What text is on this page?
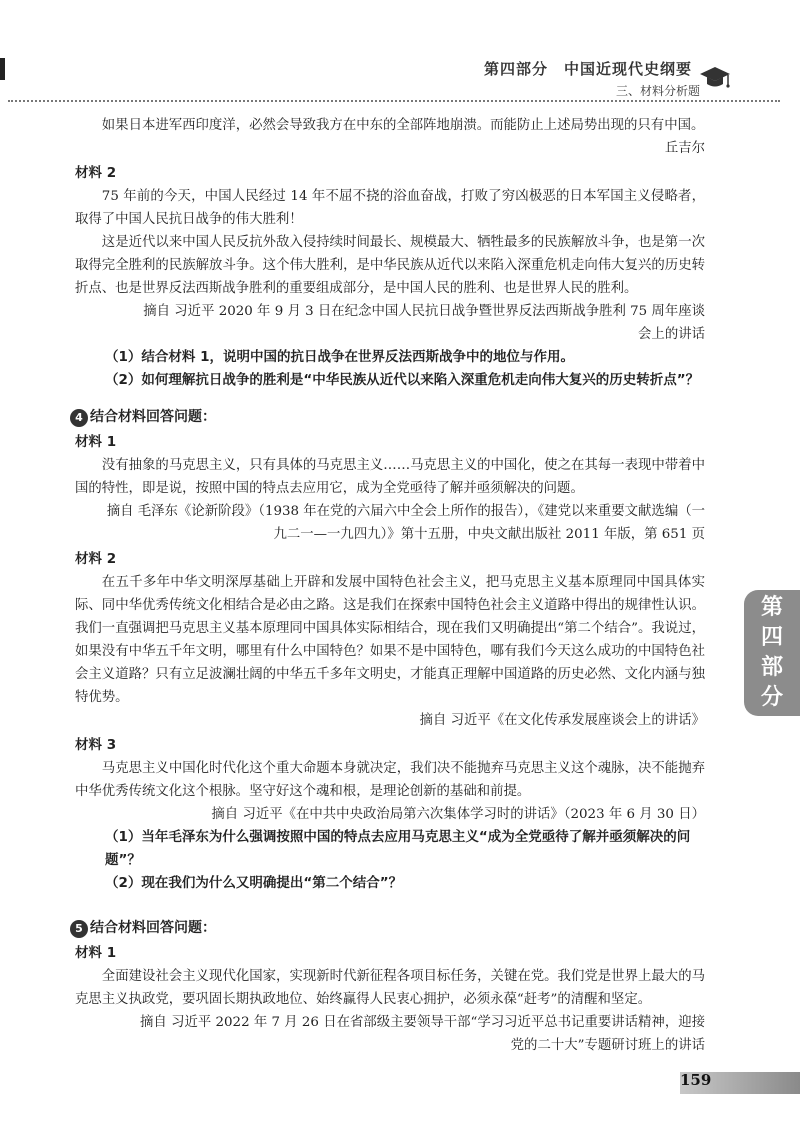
第四部分　中国近现代史纲要
三、材料分析题
如果日本进军西印度洋，必然会导致我方在中东的全部阵地崩溃。而能防止上述局势出现的只有中国。
丘吉尔
材料 2
75 年前的今天，中国人民经过 14 年不屈不挠的浴血奋战，打败了穷凶极恶的日本军国主义侵略者，取得了中国人民抗日战争的伟大胜利！
这是近代以来中国人民反抗外敌入侵持续时间最长、规模最大、牺牲最多的民族解放斗争，也是第一次取得完全胜利的民族解放斗争。这个伟大胜利，是中华民族从近代以来陷入深重危机走向伟大复兴的历史转折点、也是世界反法西斯战争胜利的重要组成部分，是中国人民的胜利、也是世界人民的胜利。
摘自 习近平 2020 年 9 月 3 日在纪念中国人民抗日战争暨世界反法西斯战争胜利 75 周年座谈会上的讲话
（1）结合材料 1，说明中国的抗日战争在世界反法西斯战争中的地位与作用。
（2）如何理解抗日战争的胜利是“中华民族从近代以来陷入深重危机走向伟大复兴的历史转折点”？
4 结合材料回答问题：
材料 1
没有抽象的马克思主义，只有具体的马克思主义……马克思主义的中国化，使之在其每一表现中带着中国的特性，即是说，按照中国的特点去应用它，成为全党亟待了解并亟须解决的问题。
摘自 毛泽东《论新阶段》（1938 年在党的六届六中全会上所作的报告），《建党以来重要文献选编（一九二一—一九四九）》第十五册，中央文献出版社 2011 年版，第 651 页
材料 2
在五千多年中华文明深厚基础上开辟和发展中国特色社会主义，把马克思主义基本原理同中国具体实际、同中华优秀传统文化相结合是必由之路。这是我们在探索中国特色社会主义道路中得出的规律性认识。我们一直强调把马克思主义基本原理同中国具体实际相结合，现在我们又明确提出“第二个结合”。我说过，如果没有中华五千年文明，哪里有什么中国特色？如果不是中国特色，哪有我们今天这么成功的中国特色社会主义道路？只有立足波澜壮阔的中华五千多年文明史，才能真正理解中国道路的历史必然、文化内涵与独特优势。
摘自 习近平《在文化传承发展座谈会上的讲话》
材料 3
马克思主义中国化时代化这个重大命题本身就决定，我们决不能抛弃马克思主义这个魂脉，决不能抛弃中华优秀传统文化这个根脉。坚守好这个魂和根，是理论创新的基础和前提。
摘自 习近平《在中共中央政治局第六次集体学习时的讲话》（2023 年 6 月 30 日）
（1）当年毛泽东为什么强调按照中国的特点去应用马克思主义“成为全党亟待了解并亟须解决的问题”？
（2）现在我们为什么又明确提出“第二个结合”？
5 结合材料回答问题：
材料 1
全面建设社会主义现代化国家，实现新时代新征程各项目标任务，关键在党。我们党是世界上最大的马克思主义执政党，要巩固长期执政地位、始终赢得人民衷心拥护，必须永葆“赶考”的清醒和坚定。
摘自 习近平 2022 年 7 月 26 日在省部级主要领导干部“学习习近平总书记重要讲话精神，迎接党的二十大”专题研讨班上的讲话
第
四
部
分
159
